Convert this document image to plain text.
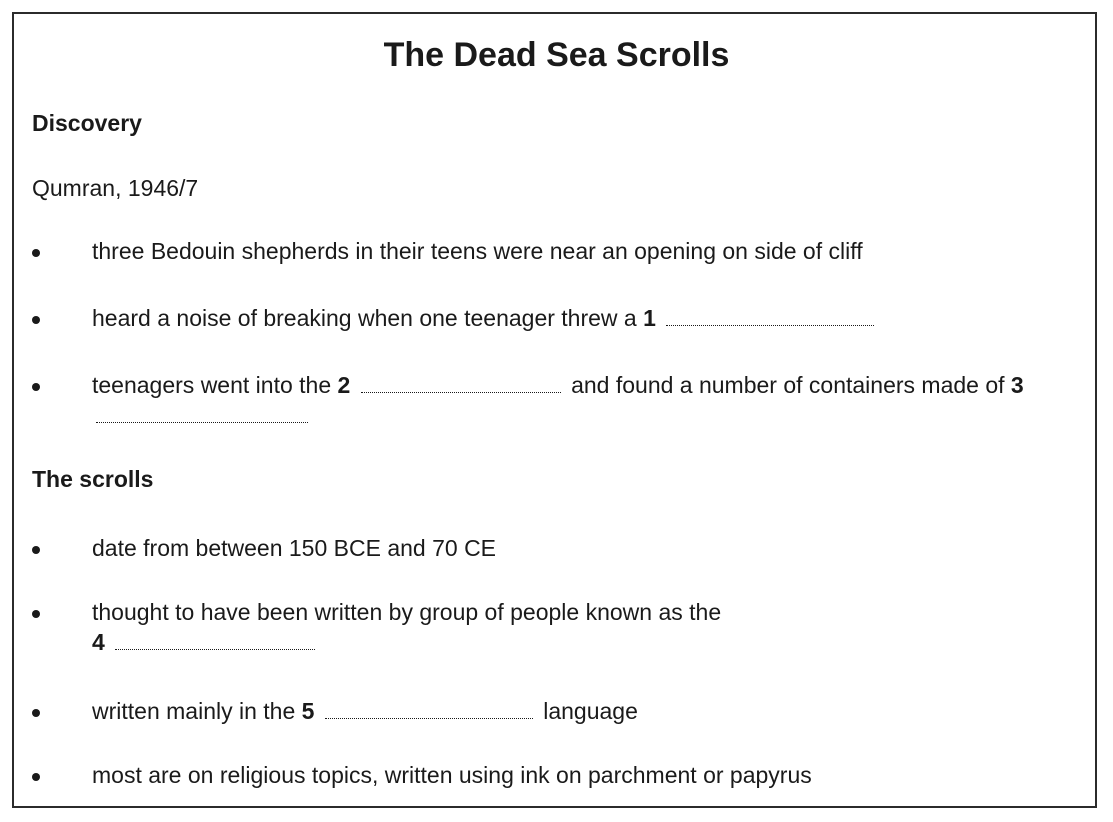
The Dead Sea Scrolls
Discovery
Qumran, 1946/7
three Bedouin shepherds in their teens were near an opening on side of cliff
heard a noise of breaking when one teenager threw a 1
teenagers went into the 2	and found a number of containers made of 3
The scrolls
date from between 150 BCE and 70 CE
thought to have been written by group of people known as the
4
written mainly in the 5	language
most are on religious topics, written using ink on parchment or papyrus
